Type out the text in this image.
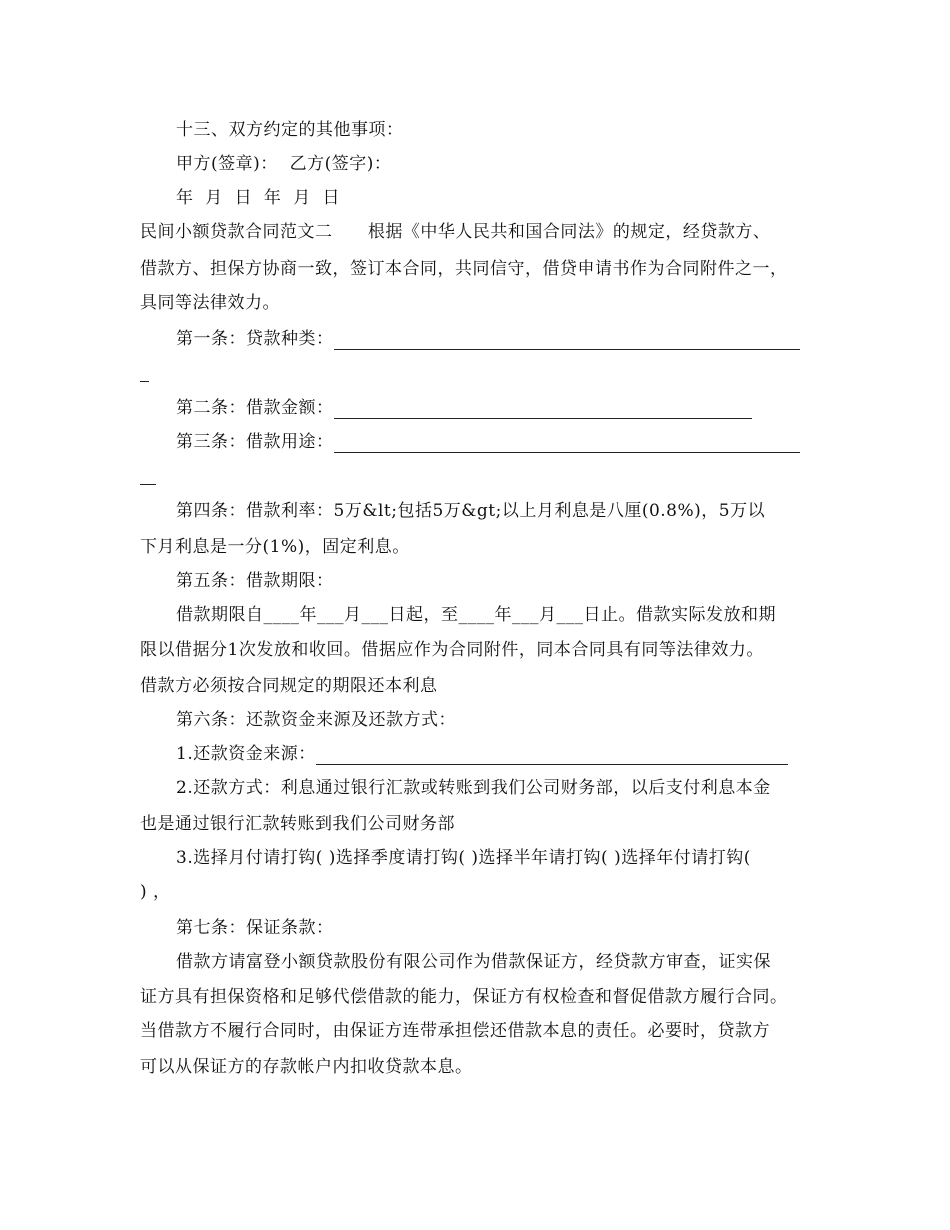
十三、双方约定的其他事项：
甲方(签章)：  乙方(签字)：
年  月  日  年  月  日
民间小额贷款合同范文二      根据《中华人民共和国合同法》的规定，经贷款方、
借款方、担保方协商一致，签订本合同，共同信守，借贷申请书作为合同附件之一，
具同等法律效力。
第一条：贷款种类：
第二条：借款金额：
第三条：借款用途：
第四条：借款利率：5万&lt;包括5万&gt;以上月利息是八厘(0.8%)，5万以
下月利息是一分(1%)，固定利息。
第五条：借款期限：
借款期限自____年___月___日起，至____年___月___日止。借款实际发放和期
限以借据分1次发放和收回。借据应作为合同附件，同本合同具有同等法律效力。
借款方必须按合同规定的期限还本利息
第六条：还款资金来源及还款方式：
1.还款资金来源：
2.还款方式：利息通过银行汇款或转账到我们公司财务部，以后支付利息本金
也是通过银行汇款转账到我们公司财务部
3.选择月付请打钩( )选择季度请打钩( )选择半年请打钩( )选择年付请打钩(
) ，
第七条：保证条款：
借款方请富登小额贷款股份有限公司作为借款保证方，经贷款方审查，证实保
证方具有担保资格和足够代偿借款的能力，保证方有权检查和督促借款方履行合同。
当借款方不履行合同时，由保证方连带承担偿还借款本息的责任。必要时，贷款方
可以从保证方的存款帐户内扣收贷款本息。
